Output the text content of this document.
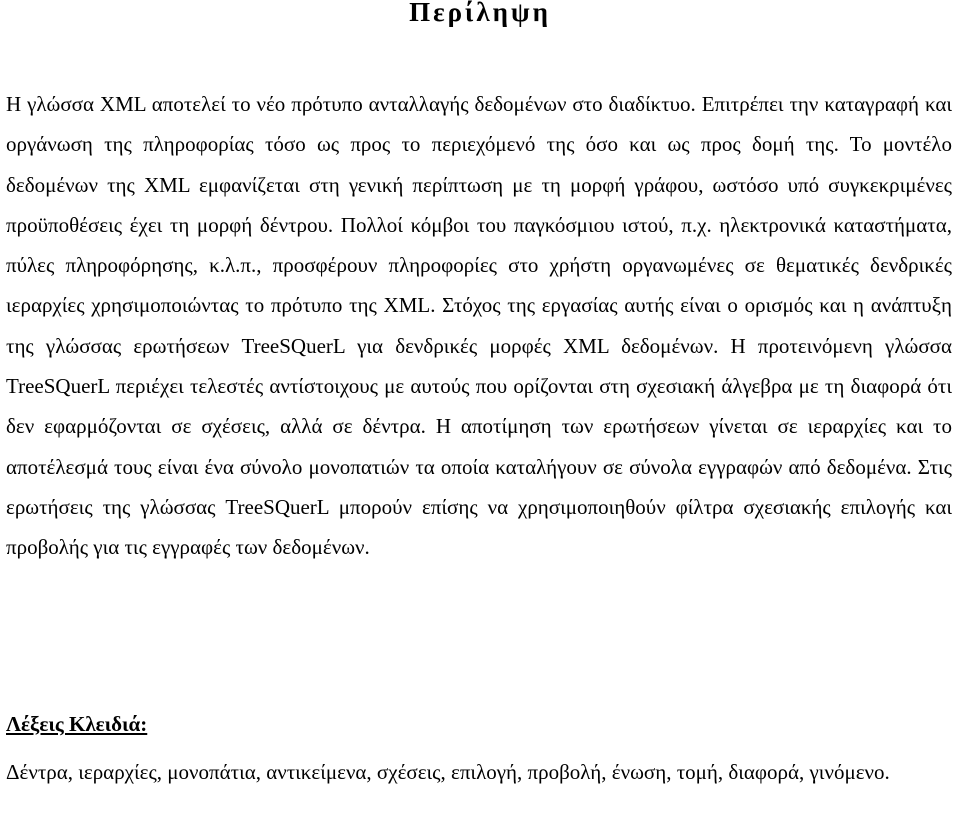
Περίληψη

Η γλώσσα XML αποτελεί το νέο πρότυπο ανταλλαγής δεδομένων στο διαδίκτυο. Επιτρέπει την καταγραφή και οργάνωση της πληροφορίας τόσο ως προς το περιεχόμενό της όσο και ως προς δομή της. Το μοντέλο δεδομένων της XML εμφανίζεται στη γενική περίπτωση με τη μορφή γράφου, ωστόσο υπό συγκεκριμένες προϋποθέσεις έχει τη μορφή δέντρου. Πολλοί κόμβοι του παγκόσμιου ιστού, π.χ. ηλεκτρονικά καταστήματα, πύλες πληροφόρησης, κ.λ.π., προσφέρουν πληροφορίες στο χρήστη οργανωμένες σε θεματικές δενδρικές ιεραρχίες χρησιμοποιώντας το πρότυπο της XML. Στόχος της εργασίας αυτής είναι ο ορισμός και η ανάπτυξη της γλώσσας ερωτήσεων TreeSQuerL για δενδρικές μορφές XML δεδομένων. Η προτεινόμενη γλώσσα TreeSQuerL περιέχει τελεστές αντίστοιχους με αυτούς που ορίζονται στη σχεσιακή άλγεβρα με τη διαφορά ότι δεν εφαρμόζονται σε σχέσεις, αλλά σε δέντρα. Η αποτίμηση των ερωτήσεων γίνεται σε ιεραρχίες και το αποτέλεσμά τους είναι ένα σύνολο μονοπατιών τα οποία καταλήγουν σε σύνολα εγγραφών από δεδομένα. Στις ερωτήσεις της γλώσσας TreeSQuerL μπορούν επίσης να χρησιμοποιηθούν φίλτρα σχεσιακής επιλογής και προβολής για τις εγγραφές των δεδομένων.

Λέξεις Κλειδιά:

Δέντρα, ιεραρχίες, μονοπάτια, αντικείμενα, σχέσεις, επιλογή, προβολή, ένωση, τομή, διαφορά, γινόμενο.
